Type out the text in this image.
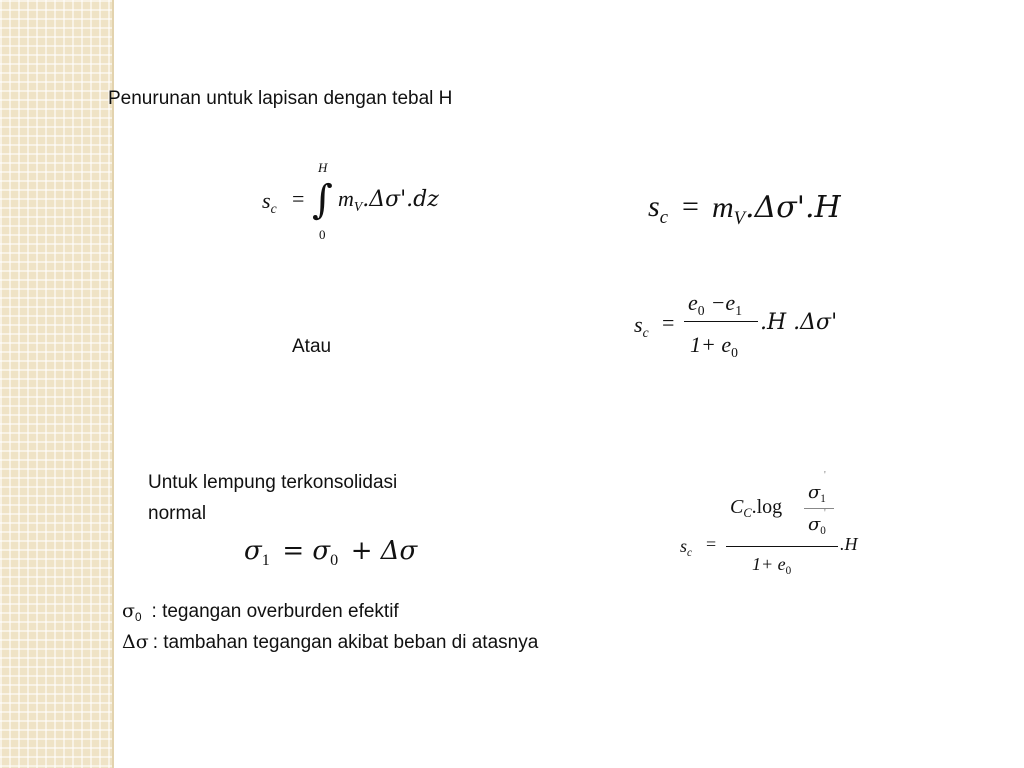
Penurunan untuk lapisan dengan tebal H
$s_c$ =
H
∫
0
$m_V.\Delta\sigma'.dz$	$s_c = m_V.\Delta\sigma'.H$
$s_c$ =
$e_0 -e_1$
$1+ e_0$
.H .Δσ'
Atau
Untuk lempung terkonsolidasi
normal
$\sigma_1 = \sigma_0 + \Delta\sigma$	$s_c$ =
$C_C.\log$
$\sigma_1$
'
'
$\sigma_0$
$1+ e_0$
.H
$\sigma_0$ : tegangan overburden efektif
Δσ : tambahan tegangan akibat beban di atasnya
